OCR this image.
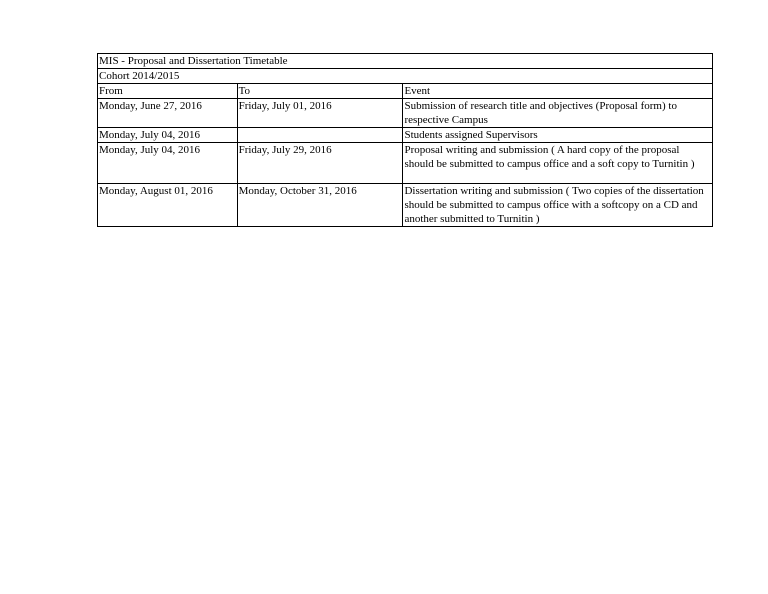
MIS - Proposal and Dissertation Timetable		
Cohort 2014/2015		
From	To	Event
Monday, June 27, 2016	Friday, July 01, 2016	Submission of research title and objectives (Proposal form) to respective Campus
Monday, July 04, 2016		Students assigned Supervisors
Monday, July 04, 2016	Friday, July 29, 2016	Proposal writing and submission ( A hard copy of the proposal should be submitted to campus office and a soft copy to Turnitin )
Monday, August 01, 2016	Monday, October 31, 2016	Dissertation writing and submission ( Two copies of the dissertation should be submitted to campus office with a softcopy on a CD and another submitted to Turnitin )
